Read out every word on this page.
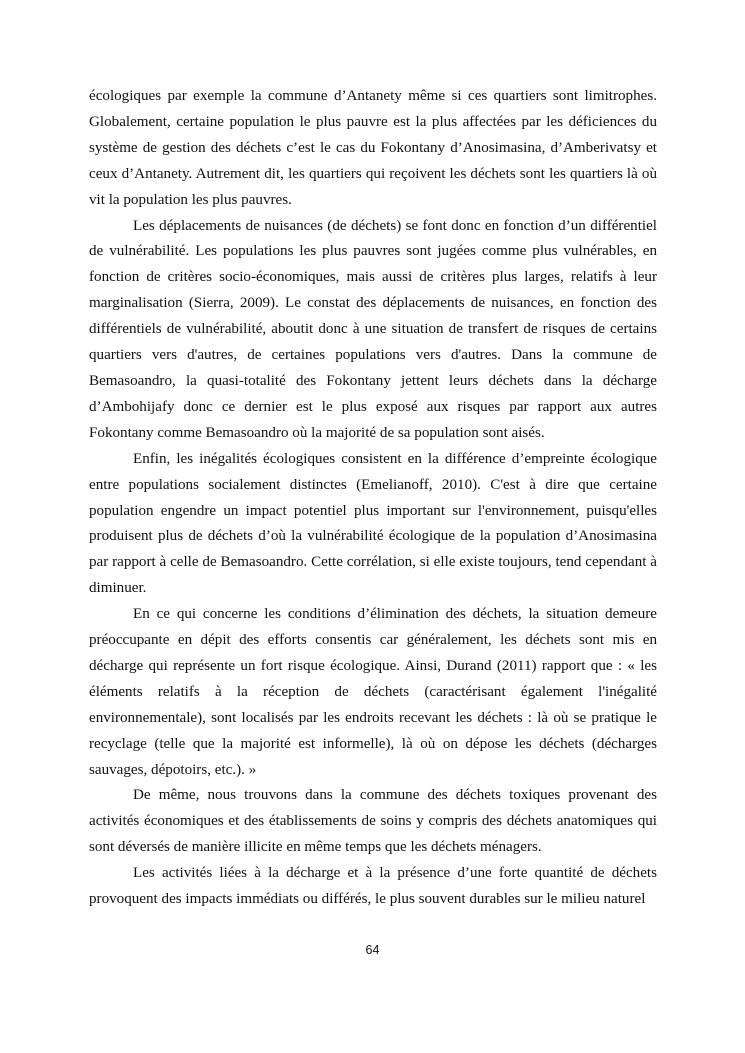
écologiques par exemple la commune d’Antanety même si ces quartiers sont limitrophes. Globalement, certaine population le plus pauvre est la plus affectées par les déficiences du système de gestion des déchets c’est le cas du Fokontany d’Anosimasina, d’Amberivatsy et ceux d’Antanety. Autrement dit, les quartiers qui reçoivent les déchets sont les quartiers là où vit la population les plus pauvres.

Les déplacements de nuisances (de déchets) se font donc en fonction d’un différentiel de vulnérabilité. Les populations les plus pauvres sont jugées comme plus vulnérables, en fonction de critères socio-économiques, mais aussi de critères plus larges, relatifs à leur marginalisation (Sierra, 2009). Le constat des déplacements de nuisances, en fonction des différentiels de vulnérabilité, aboutit donc à une situation de transfert de risques de certains quartiers vers d'autres, de certaines populations vers d'autres. Dans la commune de Bemasoandro, la quasi-totalité des Fokontany jettent leurs déchets dans la décharge d’Ambohijafy donc ce dernier est le plus exposé aux risques par rapport aux autres Fokontany comme Bemasoandro où la majorité de sa population sont aisés.

Enfin, les inégalités écologiques consistent en la différence d’empreinte écologique entre populations socialement distinctes (Emelianoff, 2010). C'est à dire que certaine population engendre un impact potentiel plus important sur l'environnement, puisqu'elles produisent plus de déchets d’où la vulnérabilité écologique de la population d’Anosimasina par rapport à celle de Bemasoandro. Cette corrélation, si elle existe toujours, tend cependant à diminuer.

En ce qui concerne les conditions d’élimination des déchets, la situation demeure préoccupante en dépit des efforts consentis car généralement, les déchets sont mis en décharge qui représente un fort risque écologique. Ainsi, Durand (2011) rapport que : « les éléments relatifs à la réception de déchets (caractérisant également l'inégalité environnementale), sont localisés par les endroits recevant les déchets : là où se pratique le recyclage (telle que la majorité est informelle), là où on dépose les déchets (décharges sauvages, dépotoirs, etc.). »

De même, nous trouvons dans la commune des déchets toxiques provenant des activités économiques et des établissements de soins y compris des déchets anatomiques qui sont déversés de manière illicite en même temps que les déchets ménagers.

Les activités liées à la décharge et à la présence d’une forte quantité de déchets provoquent des impacts immédiats ou différés, le plus souvent durables sur le milieu naturel

64
